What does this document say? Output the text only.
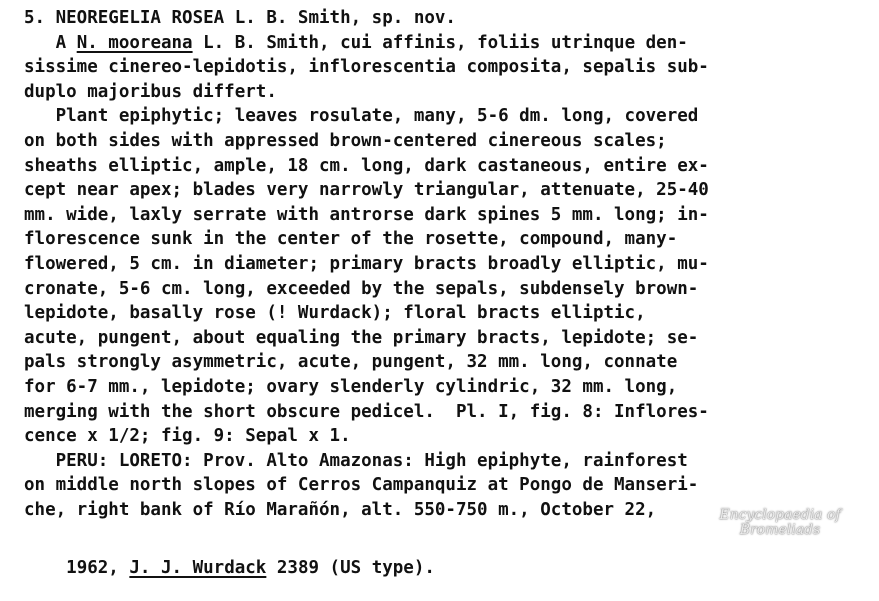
5. NEOREGELIA ROSEA L. B. Smith, sp. nov.
A N. mooreana L. B. Smith, cui affinis, foliis utrinque den-
sissime cinereo-lepidotis, inflorescentia composita, sepalis sub-
duplo majoribus differt.
Plant epiphytic; leaves rosulate, many, 5-6 dm. long, covered
on both sides with appressed brown-centered cinereous scales;
sheaths elliptic, ample, 18 cm. long, dark castaneous, entire ex-
cept near apex; blades very narrowly triangular, attenuate, 25-40
mm. wide, laxly serrate with antrorse dark spines 5 mm. long; in-
florescence sunk in the center of the rosette, compound, many-
flowered, 5 cm. in diameter; primary bracts broadly elliptic, mu-
cronate, 5-6 cm. long, exceeded by the sepals, subdensely brown-
lepidote, basally rose (! Wurdack); floral bracts elliptic,
acute, pungent, about equaling the primary bracts, lepidote; se-
pals strongly asymmetric, acute, pungent, 32 mm. long, connate
for 6-7 mm., lepidote; ovary slenderly cylindric, 32 mm. long,
merging with the short obscure pedicel.  Pl. I, fig. 8: Inflores-
cence x 1/2; fig. 9: Sepal x 1.
PERU: LORETO: Prov. Alto Amazonas: High epiphyte, rainforest
on middle north slopes of Cerros Campanquiz at Pongo de Manseri-
che, right bank of Río Marañón, alt. 550-750 m., October 22,

1962, J. J. Wurdack 2389 (US type).

Encyclopaedia of Bromeliads
